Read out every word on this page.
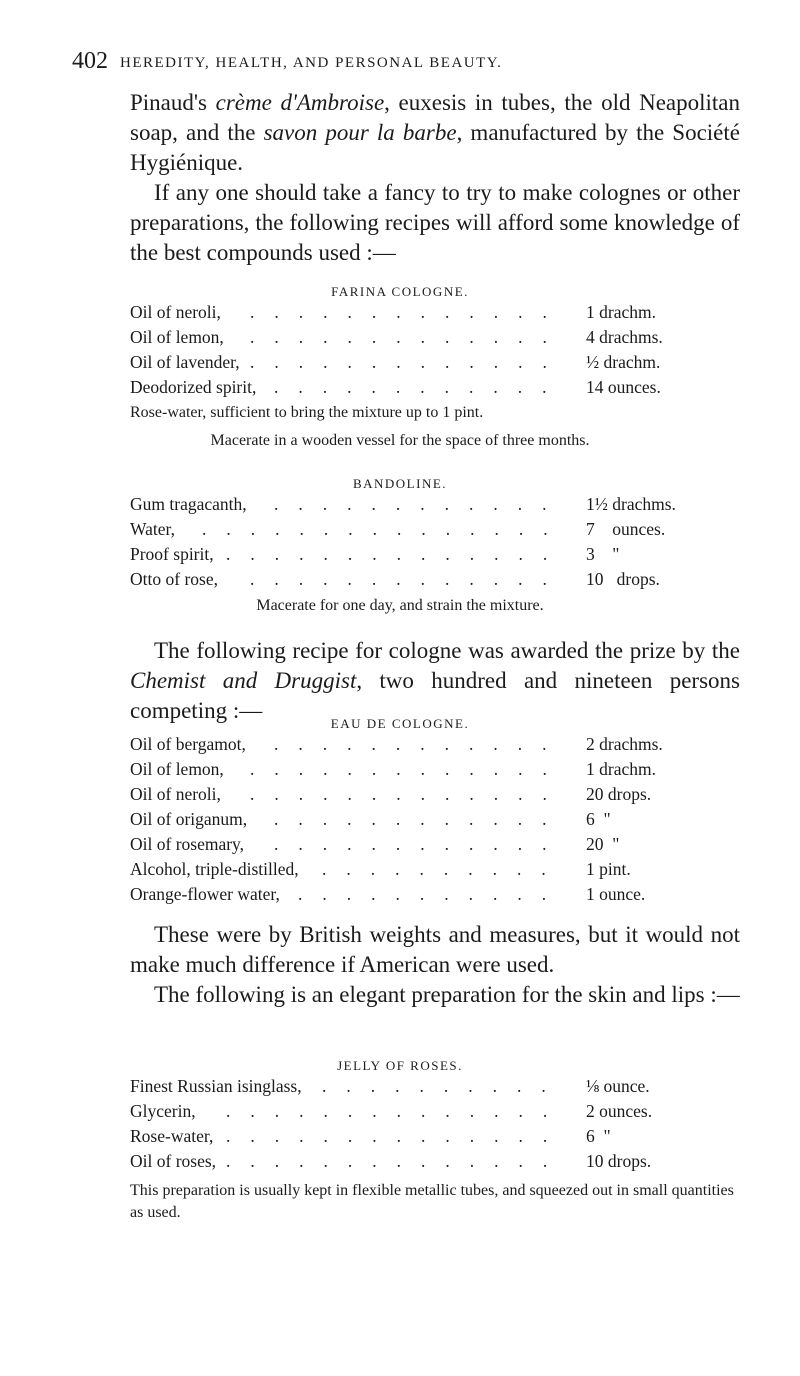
402 HEREDITY, HEALTH, AND PERSONAL BEAUTY.

Pinaud's crème d'Ambroise, euxesis in tubes, the old Neapolitan soap, and the savon pour la barbe, manufactured by the Société Hygiénique.

If any one should take a fancy to try to make colognes or other preparations, the following recipes will afford some knowledge of the best compounds used :—

FARINA COLOGNE.
Oil of neroli,	1 drachm.
.............
Oil of lemon,	4 drachms.
.............
Oil of lavender,	½ drachm.
.............
Deodorized spirit,	14 ounces.
............
Rose-water, sufficient to bring the mixture up to 1 pint.
Macerate in a wooden vessel for the space of three months.
BANDOLINE.
Gum tragacanth,	1½ drachms.
............
Water,	7    ounces.
...............
Proof spirit,	3    "
..............
Otto of rose,	10   drops.
.............
Macerate for one day, and strain the mixture.

The following recipe for cologne was awarded the prize by the Chemist and Druggist, two hundred and nineteen persons competing :—

EAU DE COLOGNE.
Oil of bergamot,	2 drachms.
............
Oil of lemon,	1 drachm.
.............
Oil of neroli,	20 drops.
.............
Oil of origanum,	6  "
............
Oil of rosemary,	20  "
............
Alcohol, triple-distilled,	1 pint.
..........
Orange-flower water,	1 ounce.
...........

These were by British weights and measures, but it would not make much difference if American were used.

The following is an elegant preparation for the skin and lips :—

JELLY OF ROSES.
Finest Russian isinglass,	⅛ ounce.
..........
Glycerin,	2 ounces.
..............
Rose-water,	6  "
..............
Oil of roses,	10 drops.
..............

This preparation is usually kept in flexible metallic tubes, and squeezed out in small quantities as used.
